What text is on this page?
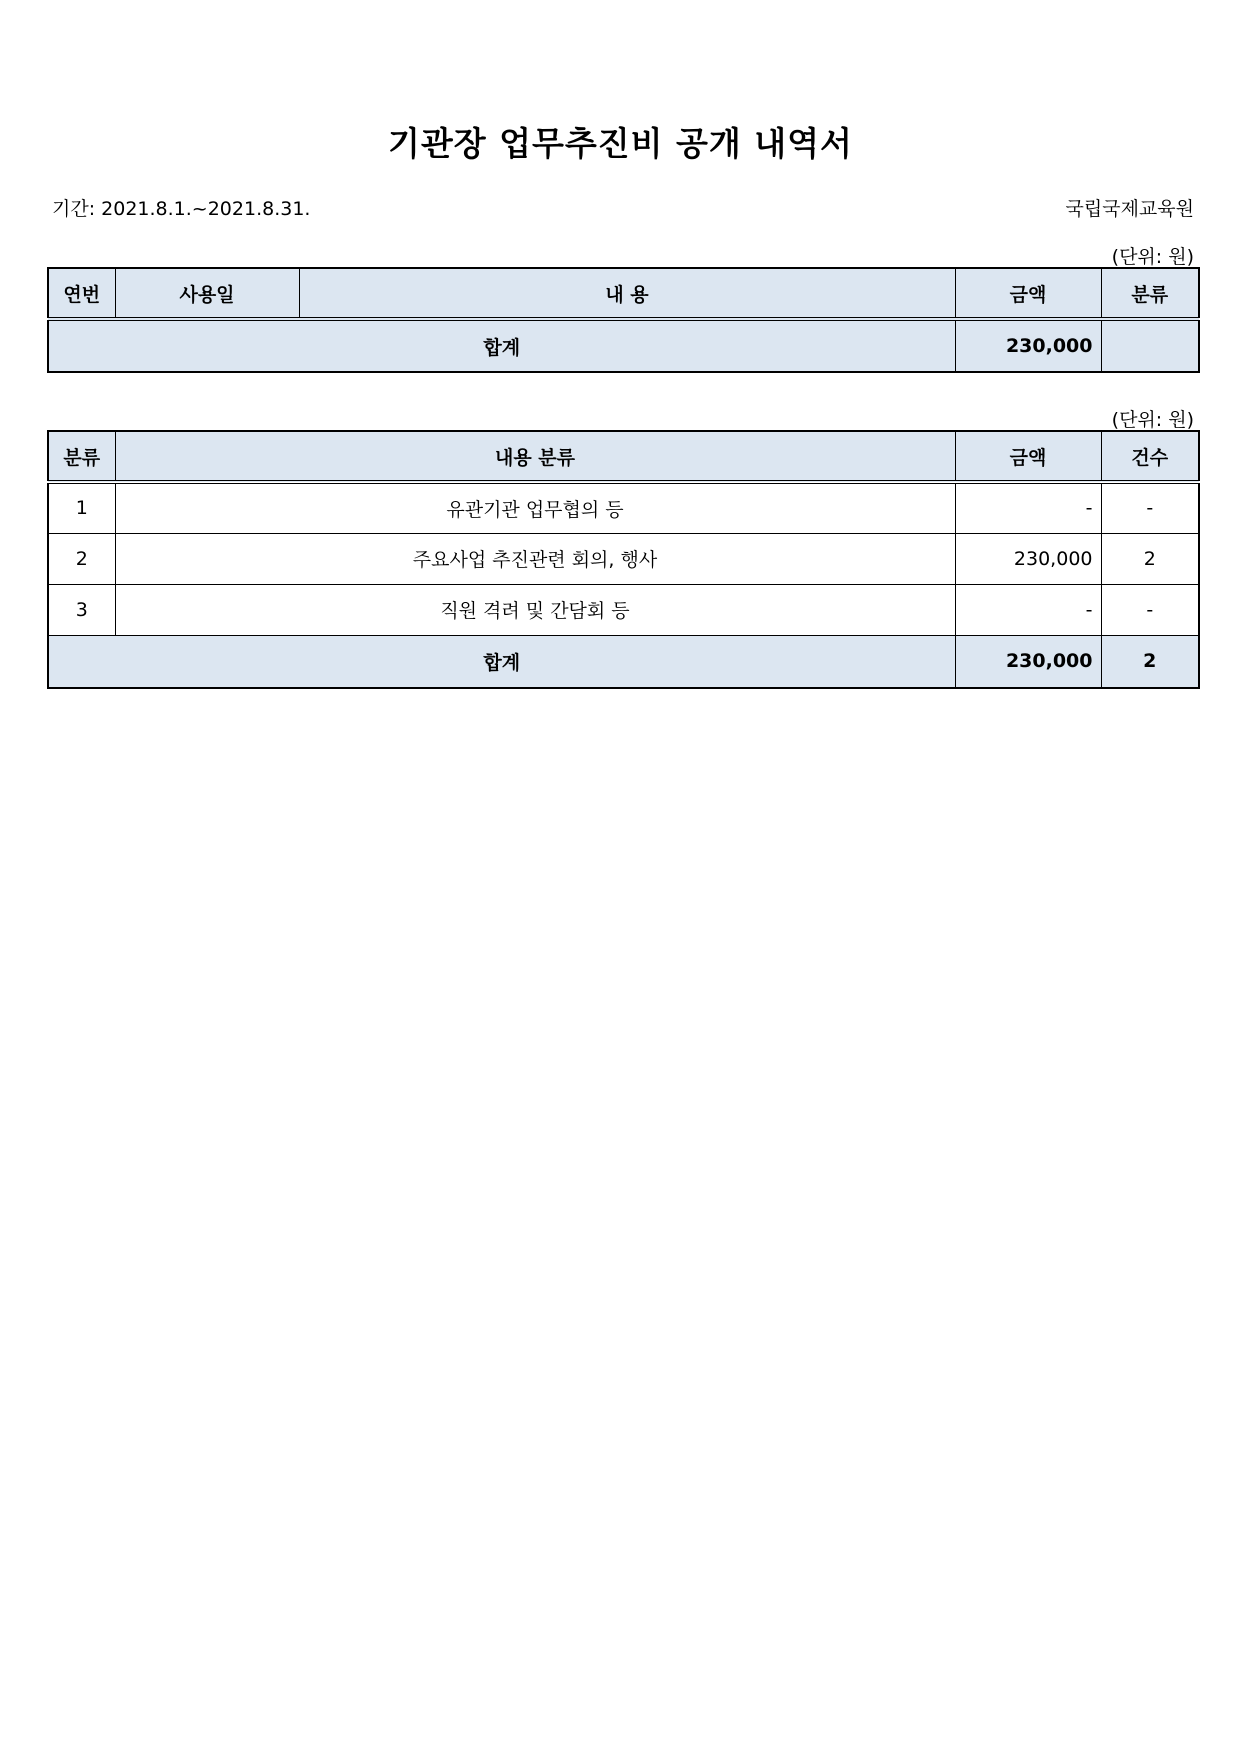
기관장 업무추진비 공개 내역서
기간: 2021.8.1.~2021.8.31.	국립국제교육원
(단위: 원)
연번	사용일	내 용	금액	분류
합계			230,000	
(단위: 원)
분류	내용 분류	금액	건수
1	유관기관 업무협의 등	-	-
2	주요사업 추진관련 회의, 행사	230,000	2
3	직원 격려 및 간담회 등	-	-
합계		230,000	2
